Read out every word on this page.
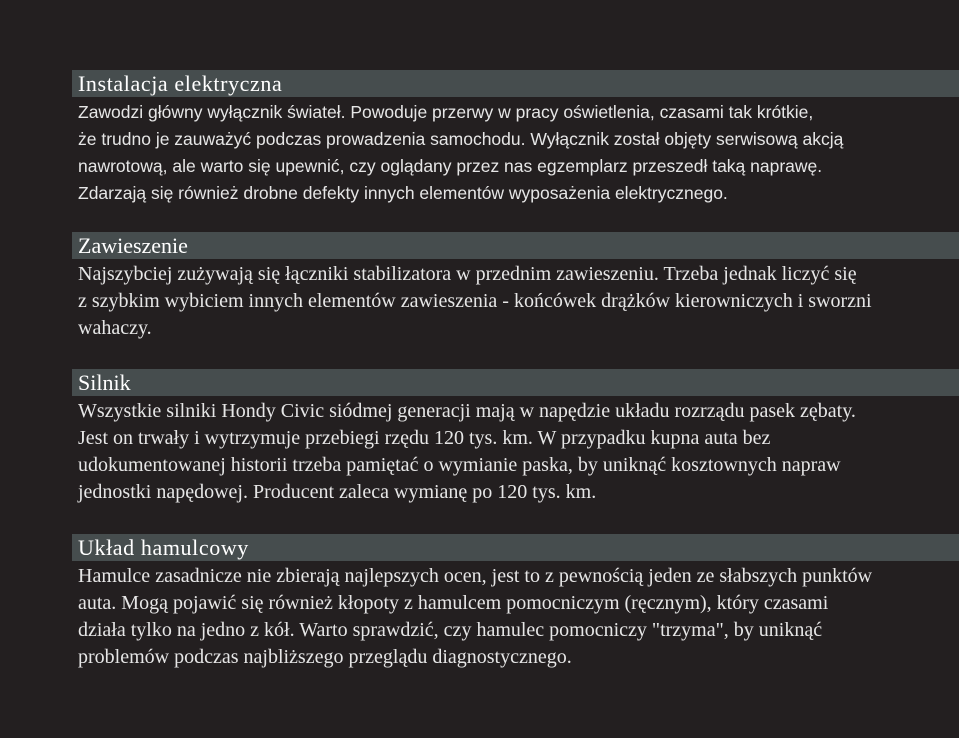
Instalacja elektryczna
Zawodzi główny wyłącznik świateł. Powoduje przerwy w pracy oświetlenia, czasami tak krótkie,
że trudno je zauważyć podczas prowadzenia samochodu. Wyłącznik został objęty serwisową akcją
nawrotową, ale warto się upewnić, czy oglądany przez nas egzemplarz przeszedł taką naprawę.
Zdarzają się również drobne defekty innych elementów wyposażenia elektrycznego.
Zawieszenie
Najszybciej zużywają się łączniki stabilizatora w przednim zawieszeniu. Trzeba jednak liczyć się
z szybkim wybiciem innych elementów zawieszenia - końcówek drążków kierowniczych i sworzni
wahaczy.
Silnik
Wszystkie silniki Hondy Civic siódmej generacji mają w napędzie układu rozrządu pasek zębaty.
Jest on trwały i wytrzymuje przebiegi rzędu 120 tys. km. W przypadku kupna auta bez
udokumentowanej historii trzeba pamiętać o wymianie paska, by uniknąć kosztownych napraw
jednostki napędowej. Producent zaleca wymianę po 120 tys. km.
Układ hamulcowy
Hamulce zasadnicze nie zbierają najlepszych ocen, jest to z pewnością jeden ze słabszych punktów
auta. Mogą pojawić się również kłopoty z hamulcem pomocniczym (ręcznym), który czasami
działa tylko na jedno z kół. Warto sprawdzić, czy hamulec pomocniczy "trzyma", by uniknąć
problemów podczas najbliższego przeglądu diagnostycznego.
